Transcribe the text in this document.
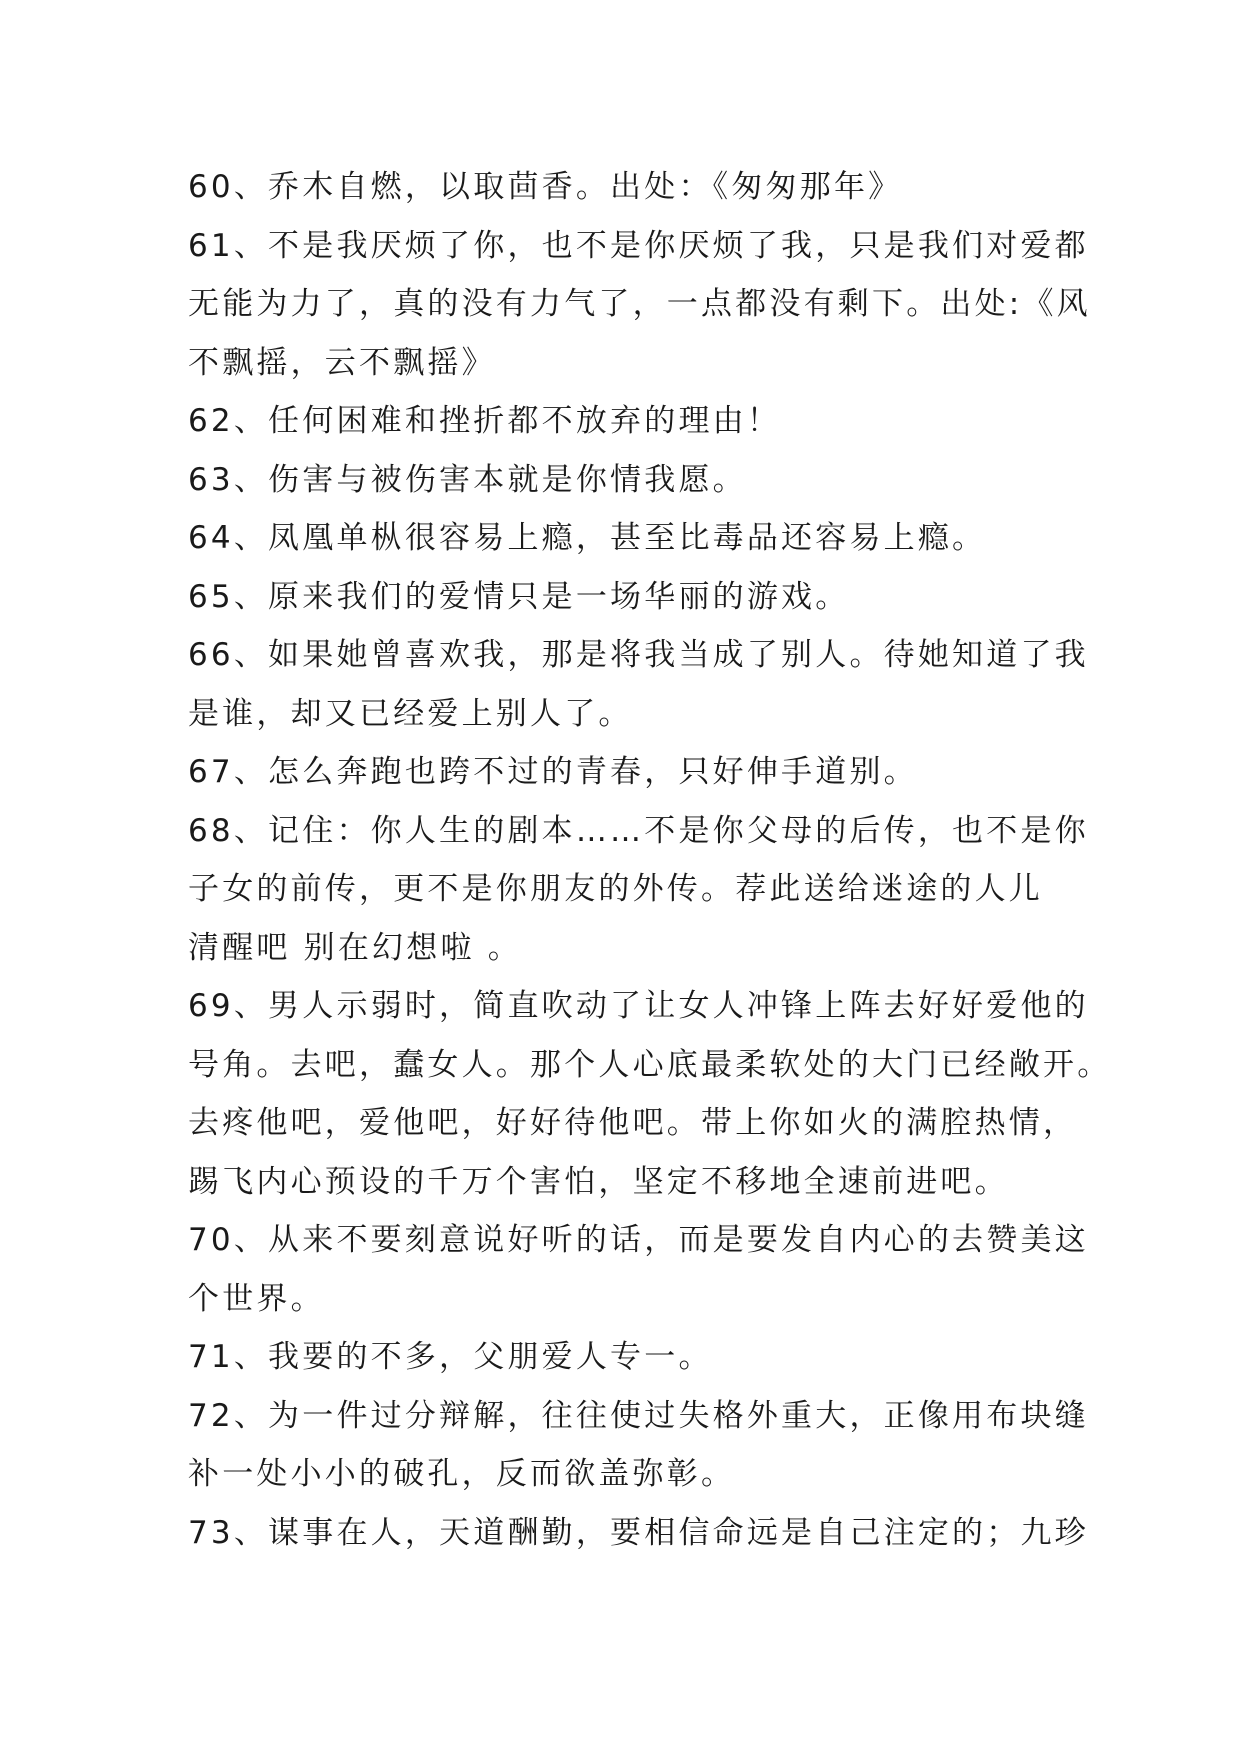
60、乔木自燃，以取茴香。出处：《匆匆那年》
61、不是我厌烦了你，也不是你厌烦了我，只是我们对爱都
无能为力了，真的没有力气了，一点都没有剩下。出处:《风
不飘摇，云不飘摇》
62、任何困难和挫折都不放弃的理由！
63、伤害与被伤害本就是你情我愿。
64、凤凰单枞很容易上瘾，甚至比毒品还容易上瘾。
65、原来我们的爱情只是一场华丽的游戏。
66、如果她曾喜欢我，那是将我当成了别人。待她知道了我
是谁，却又已经爱上别人了。
67、怎么奔跑也跨不过的青春，只好伸手道别。
68、记住：你人生的剧本……不是你父母的后传，也不是你
子女的前传，更不是你朋友的外传。荐此送给迷途的人儿
清醒吧 别在幻想啦 。
69、男人示弱时，简直吹动了让女人冲锋上阵去好好爱他的
号角。去吧，蠢女人。那个人心底最柔软处的大门已经敞开。
去疼他吧，爱他吧，好好待他吧。带上你如火的满腔热情，
踢飞内心预设的千万个害怕，坚定不移地全速前进吧。
70、从来不要刻意说好听的话，而是要发自内心的去赞美这
个世界。
71、我要的不多，父朋爱人专一。
72、为一件过分辩解，往往使过失格外重大，正像用布块缝
补一处小小的破孔，反而欲盖弥彰。
73、谋事在人，天道酬勤，要相信命远是自己注定的；九珍
